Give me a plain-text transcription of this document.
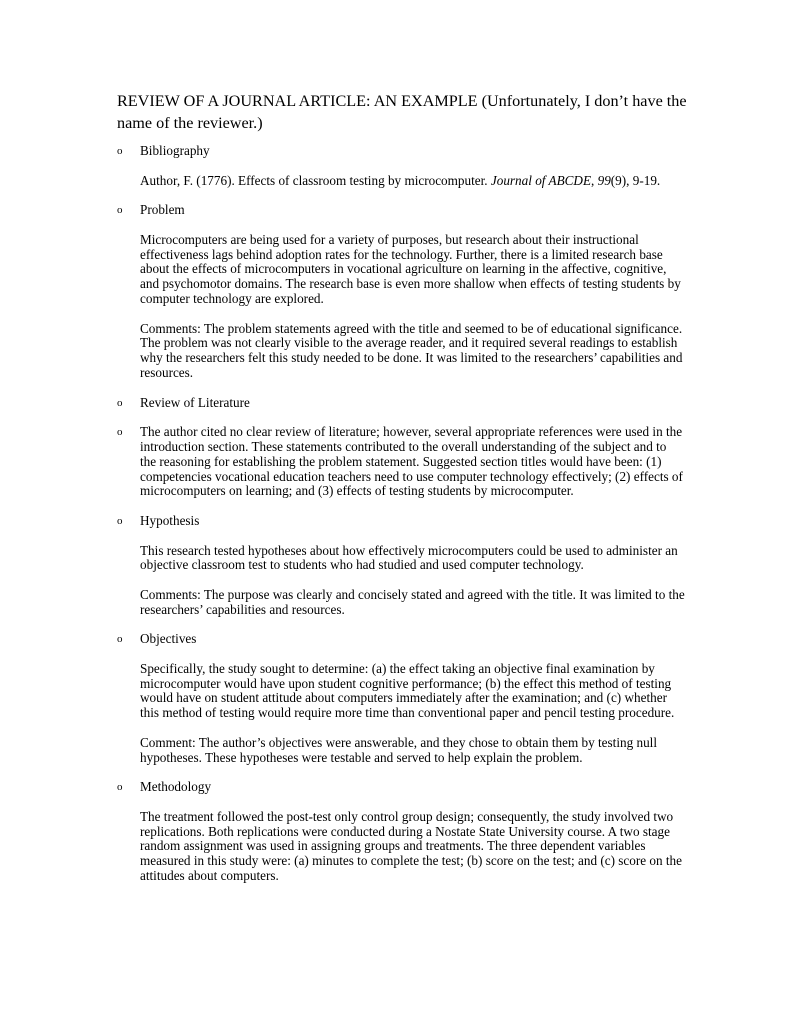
REVIEW OF A JOURNAL ARTICLE: AN EXAMPLE (Unfortunately, I don’t have the
name of the reviewer.)
o Bibliography
Author, F. (1776). Effects of classroom testing by microcomputer. Journal of ABCDE, 99(9), 9-19.
o Problem
Microcomputers are being used for a variety of purposes, but research about their instructional
effectiveness lags behind adoption rates for the technology. Further, there is a limited research base
about the effects of microcomputers in vocational agriculture on learning in the affective, cognitive,
and psychomotor domains. The research base is even more shallow when effects of testing students by
computer technology are explored.
Comments: The problem statements agreed with the title and seemed to be of educational significance.
The problem was not clearly visible to the average reader, and it required several readings to establish
why the researchers felt this study needed to be done. It was limited to the researchers’ capabilities and
resources.
o Review of Literature
o The author cited no clear review of literature; however, several appropriate references were used in the
introduction section. These statements contributed to the overall understanding of the subject and to
the reasoning for establishing the problem statement. Suggested section titles would have been: (1)
competencies vocational education teachers need to use computer technology effectively; (2) effects of
microcomputers on learning; and (3) effects of testing students by microcomputer.
o Hypothesis
This research tested hypotheses about how effectively microcomputers could be used to administer an
objective classroom test to students who had studied and used computer technology.
Comments: The purpose was clearly and concisely stated and agreed with the title. It was limited to the
researchers’ capabilities and resources.
o Objectives
Specifically, the study sought to determine: (a) the effect taking an objective final examination by
microcomputer would have upon student cognitive performance; (b) the effect this method of testing
would have on student attitude about computers immediately after the examination; and (c) whether
this method of testing would require more time than conventional paper and pencil testing procedure.
Comment: The author’s objectives were answerable, and they chose to obtain them by testing null
hypotheses. These hypotheses were testable and served to help explain the problem.
o Methodology
The treatment followed the post-test only control group design; consequently, the study involved two
replications. Both replications were conducted during a Nostate State University course. A two stage
random assignment was used in assigning groups and treatments. The three dependent variables
measured in this study were: (a) minutes to complete the test; (b) score on the test; and (c) score on the
attitudes about computers.
